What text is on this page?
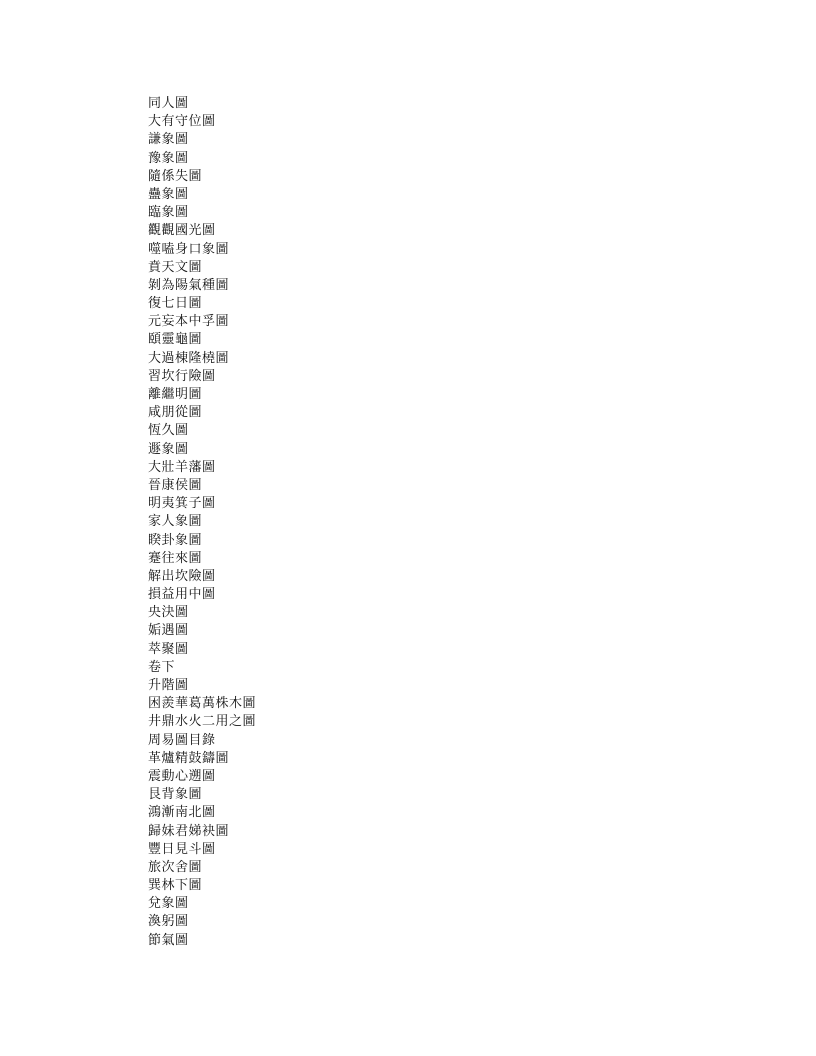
同人圖
大有守位圖
謙象圖
豫象圖
隨係失圖
蠱象圖
臨象圖
觀觀國光圖
噬嗑身口象圖
賁天文圖
剝為陽氣種圖
復七日圖
元妄本中孚圖
頤靈龜圖
大過棟隆橈圖
習坎行險圖
離繼明圖
咸朋從圖
恆久圖
遯象圖
大壯羊藩圖
晉康侯圖
明夷箕子圖
家人象圖
睽卦象圖
蹇往來圖
解出坎險圖
損益用中圖
央決圖
姤遇圖
萃聚圖
卷下
升階圖
困羨華葛萬株木圖
井鼎水火二用之圖
周易圖目錄
革爐精鼓鑄圖
震動心遡圖
艮背象圖
鴻漸南北圖
歸妹君娣袂圖
豐日見斗圖
旅次舍圖
巽林下圖
兌象圖
渙躬圖
節氣圖
